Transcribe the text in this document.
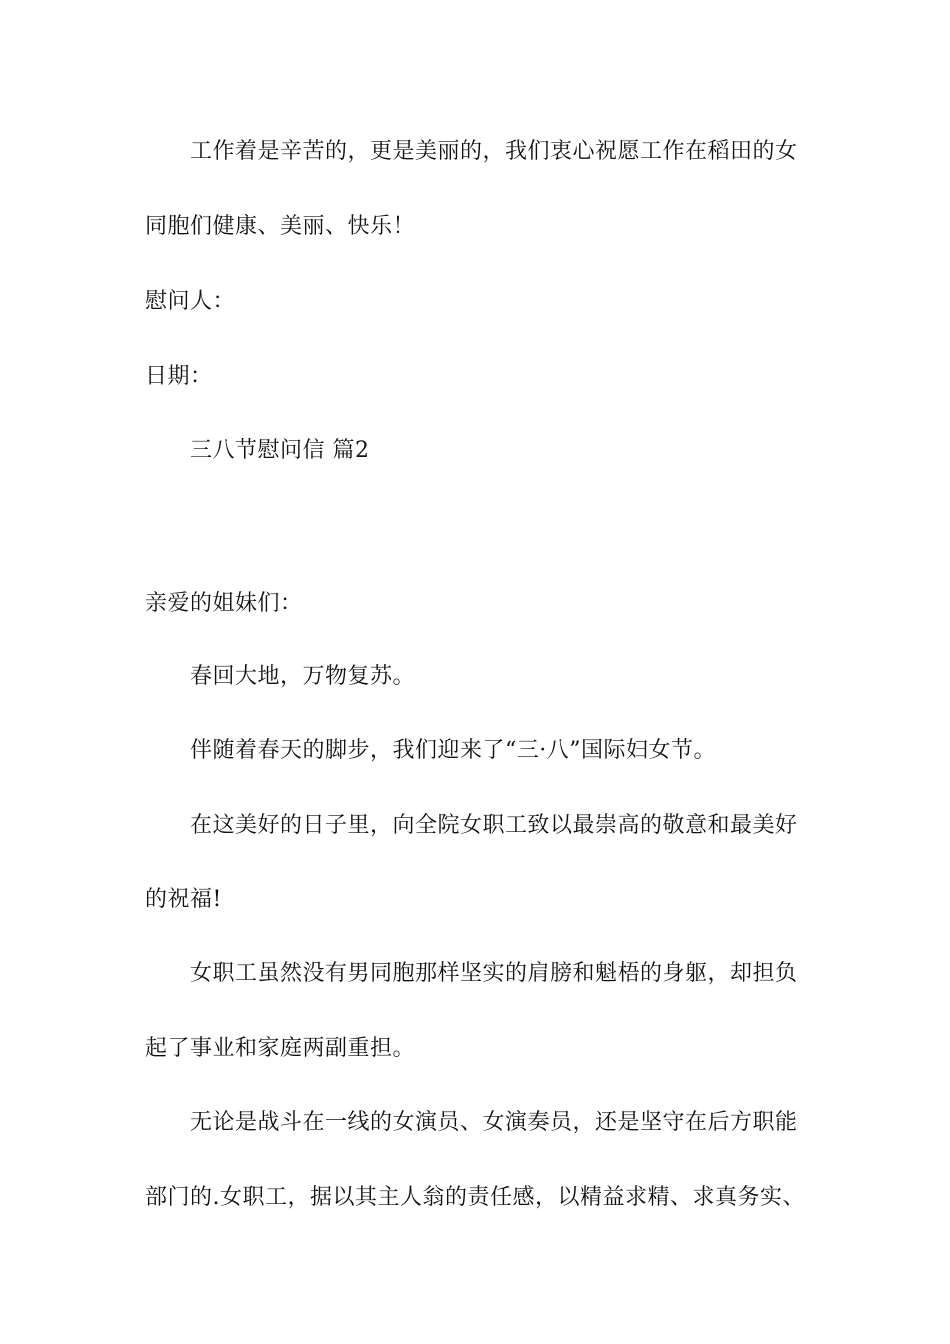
工作着是辛苦的，更是美丽的，我们衷心祝愿工作在稻田的女
同胞们健康、美丽、快乐！
慰问人：
日期：
三八节慰问信 篇2
亲爱的姐妹们：
春回大地，万物复苏。
伴随着春天的脚步，我们迎来了“三·八”国际妇女节。
在这美好的日子里，向全院女职工致以最崇高的敬意和最美好
的祝福!
女职工虽然没有男同胞那样坚实的肩膀和魁梧的身躯，却担负
起了事业和家庭两副重担。
无论是战斗在一线的女演员、女演奏员，还是坚守在后方职能
部门的.女职工，据以其主人翁的责任感，以精益求精、求真务实、
